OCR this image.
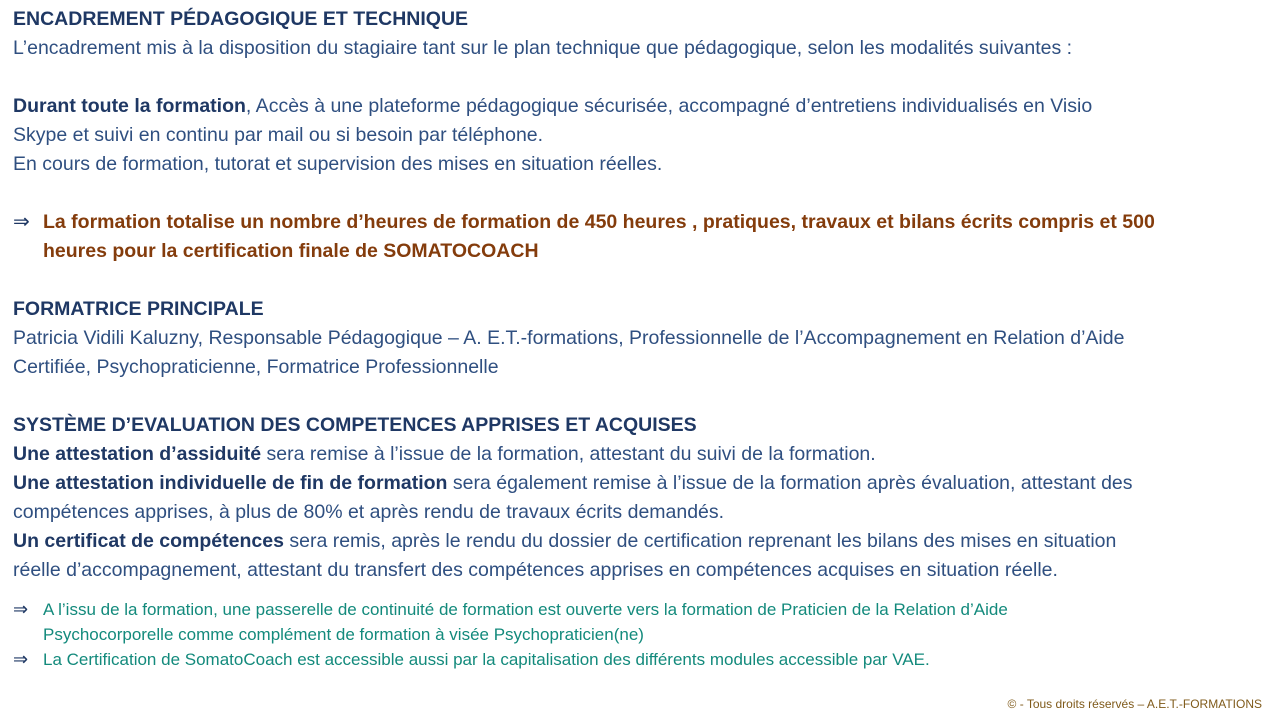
ENCADREMENT PÉDAGOGIQUE ET TECHNIQUE
L’encadrement mis à la disposition du stagiaire tant sur le plan technique que pédagogique, selon les modalités suivantes :
Durant toute la formation, Accès à une plateforme pédagogique sécurisée, accompagné d’entretiens individualisés en Visio
Skype et suivi en continu par mail ou si besoin par téléphone.
En cours de formation, tutorat et supervision des mises en situation réelles.
⇒ La formation totalise un nombre d’heures de formation de 450 heures , pratiques, travaux et bilans écrits compris et 500
heures pour la certification finale de SOMATOCOACH
FORMATRICE PRINCIPALE
Patricia Vidili Kaluzny, Responsable Pédagogique – A. E.T.-formations, Professionnelle de l’Accompagnement en Relation d’Aide
Certifiée, Psychopraticienne, Formatrice Professionnelle
SYSTÈME D’EVALUATION DES COMPETENCES APPRISES ET ACQUISES
Une attestation d’assiduité sera remise à l’issue de la formation, attestant du suivi de la formation.
Une attestation individuelle de fin de formation sera également remise à l’issue de la formation après évaluation, attestant des
compétences apprises, à plus de 80% et après rendu de travaux écrits demandés.
Un certificat de compétences sera remis, après le rendu du dossier de certification reprenant les bilans des mises en situation
réelle d’accompagnement, attestant du transfert des compétences apprises en compétences acquises en situation réelle.
⇒ A l’issu de la formation, une passerelle de continuité de formation est ouverte vers la formation de Praticien de la Relation d’Aide
Psychocorporelle comme complément de formation à visée Psychopraticien(ne)
⇒ La Certification de SomatoCoach est accessible aussi par la capitalisation des différents modules accessible par VAE.
© - Tous droits réservés – A.E.T.-FORMATIONS
